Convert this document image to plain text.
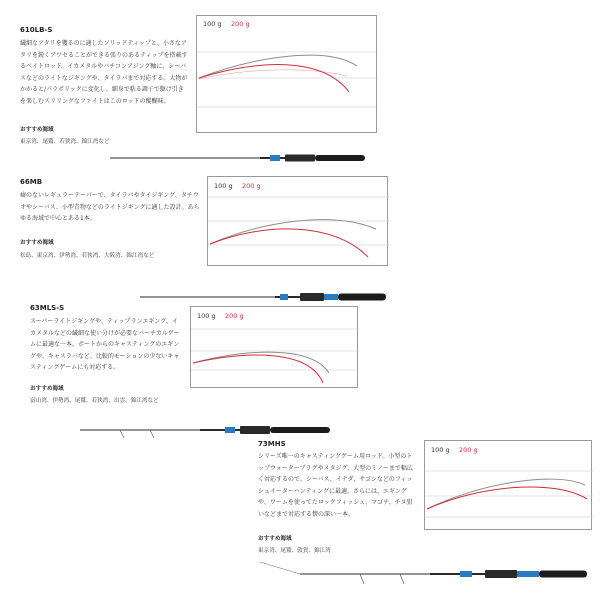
610LB-S
繊細なアタリを獲るのに適したソリッドティップと、小さなアタリを鋭くアワセることができる張りのあるティップを搭載するベイトロッド。イカメタルやバチコンアジング軸に、シーバスなどのライトなジギングや、タイラバまで対応する。大物がかかると/パラボリックに変化し、細身で粘る調子で駆け引きを楽しむスリリングなファイトはこのロッドの醍醐味。
おすすめ海域
東京湾、尾鷲、若狭湾、錦江湾など
100 g 200 g
66MB
癖のないレギュラーテーパーで、タイラバやタイジギング、タチウオやシーバス、小型青物などのライトジギングに適した設計。あらゆる海域で中心とある1本。
おすすめ海域
松島、東京湾、伊勢湾、若狭湾、大阪湾、錦江湾など
100 g 200 g
63MLS-S
スーパーライトジギングや、ティップランエギング、イカメタルなどの繊細な使い分けが必要なバーチカルゲームに最適な一本。ボートからのキャスティングのエギングや、キャスラバなど、比較的モーションの少ないキャスティングゲームにも対応する。
おすすめ海域
富山湾、伊勢湾、尾鷲、若狭湾、出雲、錦江湾など
100 g 200 g
73MHS
シリーズ唯一のキャスティングゲーム用ロッド。小型のトップウォータープラグやメタジグ、大型のミノーまで幅広く対応するので、シーバス、イナダ、サゴシなどのフィッシュイーターハンティングに最適。さらには、エギングや、ワームを使ってたロックフィッシュ、マゴチ、チヌ狙いなどまで対応する懐の深い一本。
おすすめ海域
東京湾、尾鷲、敦賀、錦江湾
100 g 200 g
